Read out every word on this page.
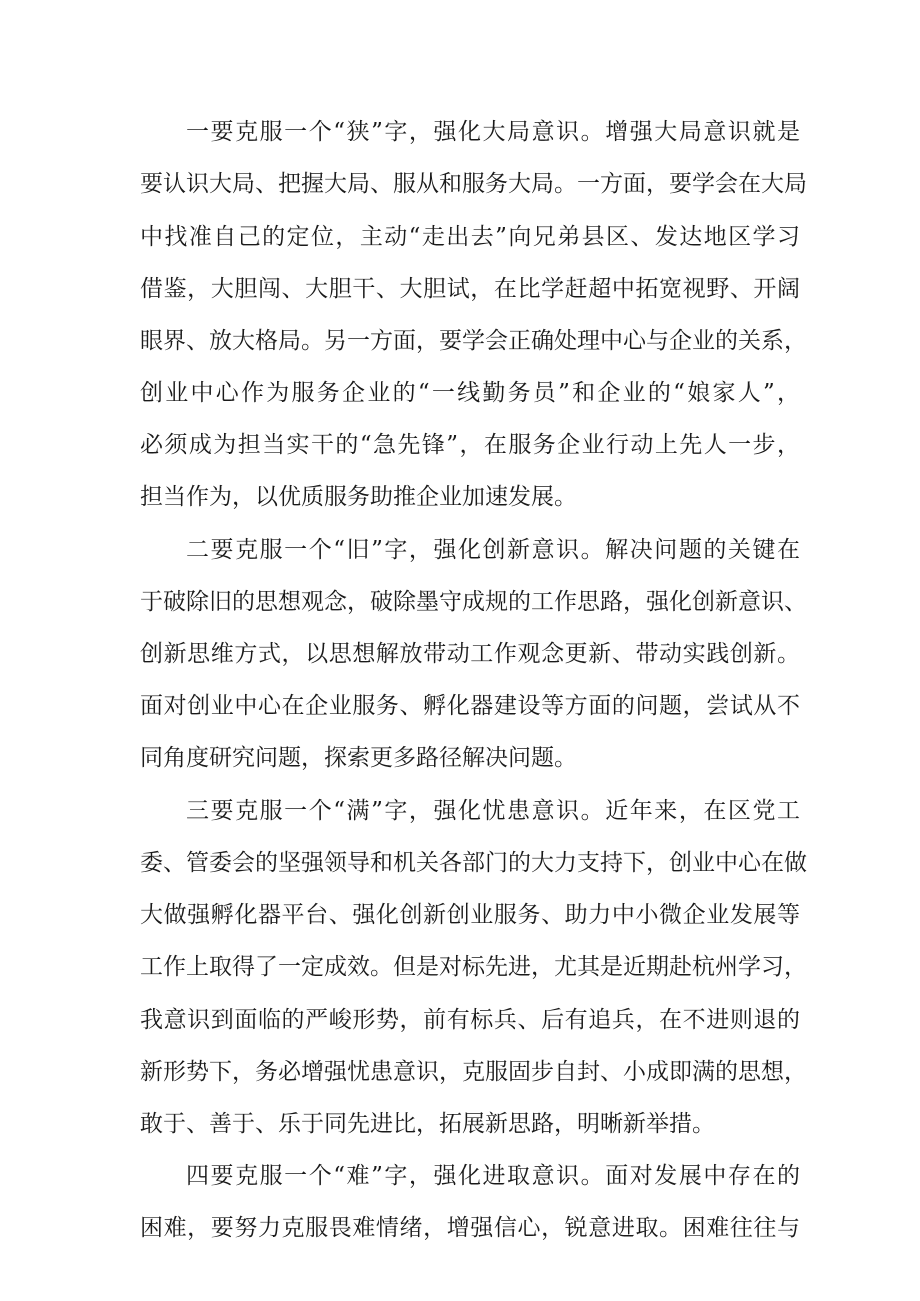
一要克服一个“狭”字，强化大局意识。增强大局意识就是
要认识大局、把握大局、服从和服务大局。一方面，要学会在大局
中找准自己的定位，主动“走出去”向兄弟县区、发达地区学习
借鉴，大胆闯、大胆干、大胆试，在比学赶超中拓宽视野、开阔
眼界、放大格局。另一方面，要学会正确处理中心与企业的关系，
创业中心作为服务企业的“一线勤务员”和企业的“娘家人”，
必须成为担当实干的“急先锋”，在服务企业行动上先人一步，
担当作为，以优质服务助推企业加速发展。
二要克服一个“旧”字，强化创新意识。解决问题的关键在
于破除旧的思想观念，破除墨守成规的工作思路，强化创新意识、
创新思维方式，以思想解放带动工作观念更新、带动实践创新。
面对创业中心在企业服务、孵化器建设等方面的问题，尝试从不
同角度研究问题，探索更多路径解决问题。
三要克服一个“满”字，强化忧患意识。近年来，在区党工
委、管委会的坚强领导和机关各部门的大力支持下，创业中心在做
大做强孵化器平台、强化创新创业服务、助力中小微企业发展等
工作上取得了一定成效。但是对标先进，尤其是近期赴杭州学习，
我意识到面临的严峻形势，前有标兵、后有追兵，在不进则退的
新形势下，务必增强忧患意识，克服固步自封、小成即满的思想，
敢于、善于、乐于同先进比，拓展新思路，明晰新举措。
四要克服一个“难”字，强化进取意识。面对发展中存在的
困难，要努力克服畏难情绪，增强信心，锐意进取。困难往往与
